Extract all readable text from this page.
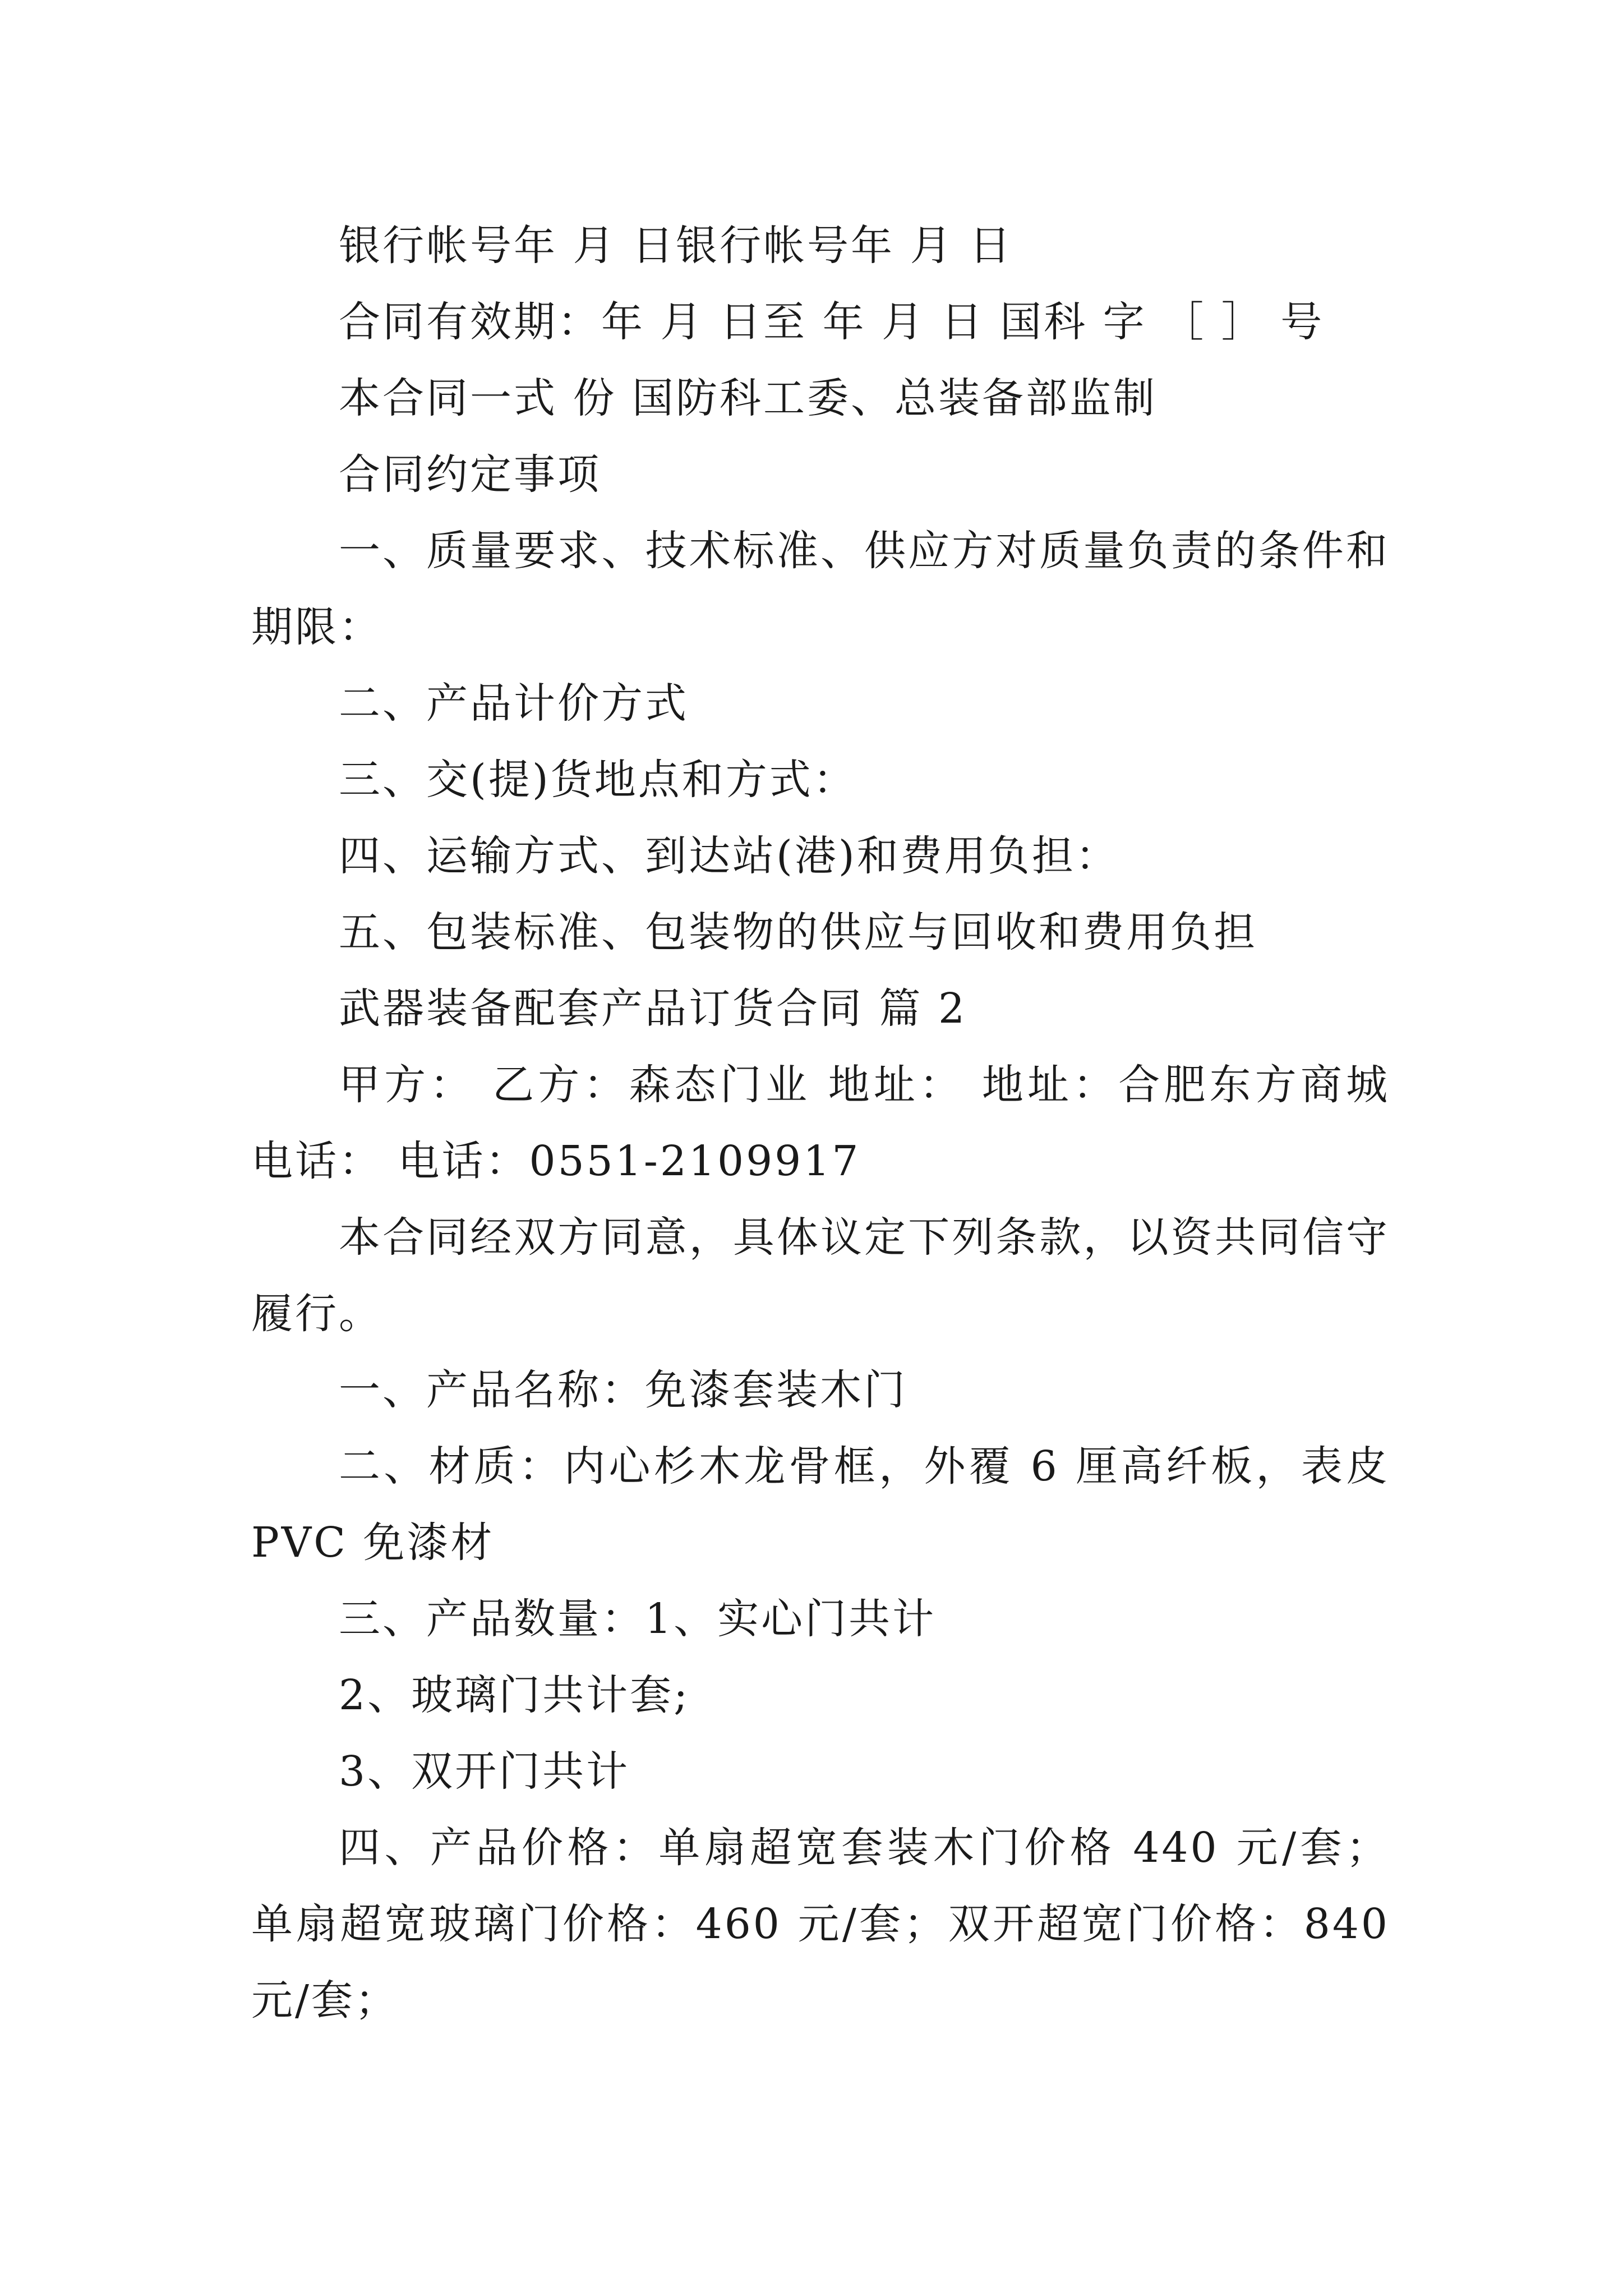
银行帐号年 月 日银行帐号年 月 日

合同有效期：年 月 日至 年 月 日 国科 字 ［ ］ 号

本合同一式 份 国防科工委、总装备部监制

合同约定事项

一、质量要求、技术标准、供应方对质量负责的条件和期限：

二、产品计价方式

三、交(提)货地点和方式：

四、运输方式、到达站(港)和费用负担：

五、包装标准、包装物的供应与回收和费用负担

武器装备配套产品订货合同 篇 2

甲方： 乙方：森态门业 地址： 地址：合肥东方商城 电话： 电话：0551-2109917

本合同经双方同意，具体议定下列条款，以资共同信守履行。

一、产品名称：免漆套装木门

二、材质：内心杉木龙骨框，外覆 6 厘高纤板，表皮 PVC 免漆材

三、产品数量：1、实心门共计

2、玻璃门共计套;

3、双开门共计

四、产品价格：单扇超宽套装木门价格 440 元/套；单扇超宽玻璃门价格：460 元/套；双开超宽门价格：840 元/套；
